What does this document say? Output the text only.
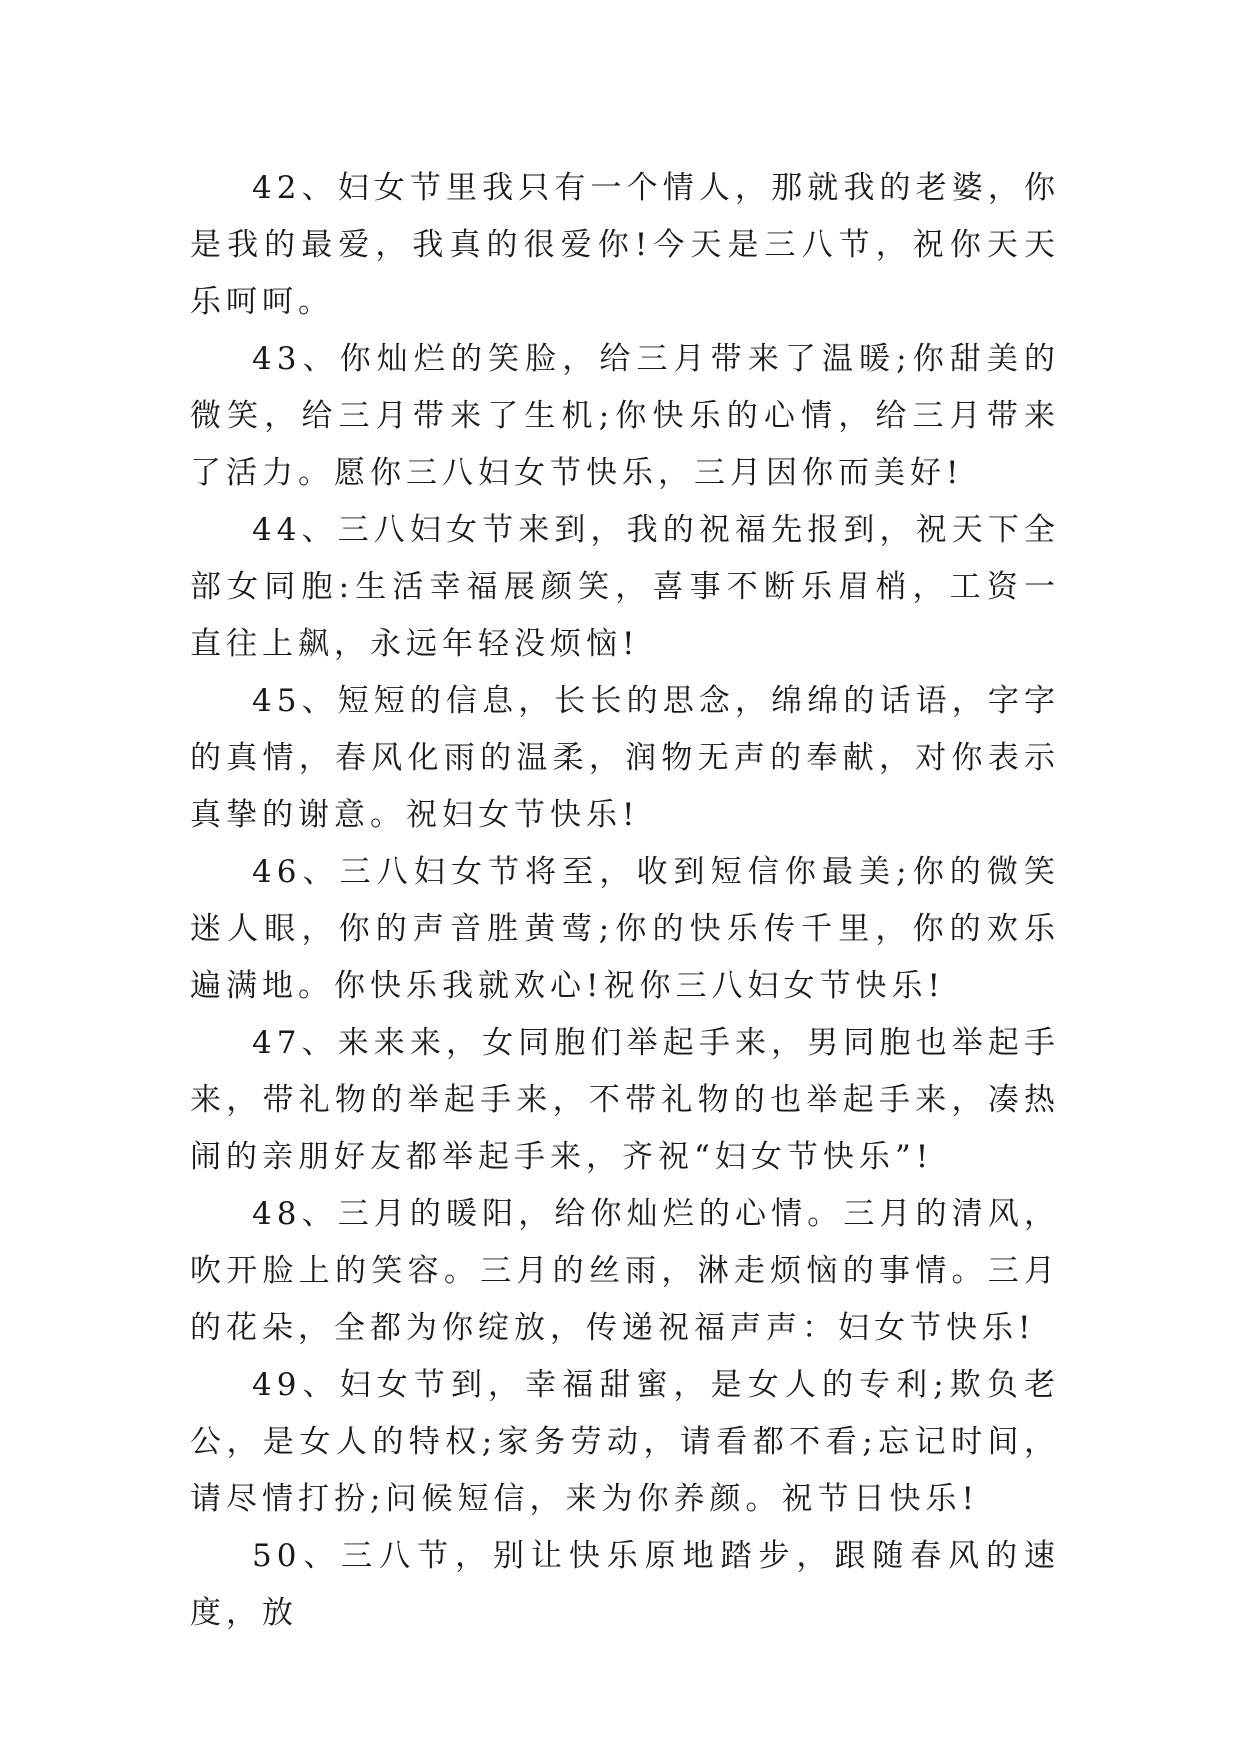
42、妇女节里我只有一个情人，那就我的老婆，你是我的最爱，我真的很爱你!今天是三八节，祝你天天乐呵呵。

43、你灿烂的笑脸，给三月带来了温暖;你甜美的微笑，给三月带来了生机;你快乐的心情，给三月带来了活力。愿你三八妇女节快乐，三月因你而美好!

44、三八妇女节来到，我的祝福先报到，祝天下全部女同胞:生活幸福展颜笑，喜事不断乐眉梢，工资一直往上飙，永远年轻没烦恼!

45、短短的信息，长长的思念，绵绵的话语，字字的真情，春风化雨的温柔，润物无声的奉献，对你表示真挚的谢意。祝妇女节快乐!

46、三八妇女节将至，收到短信你最美;你的微笑迷人眼，你的声音胜黄莺;你的快乐传千里，你的欢乐遍满地。你快乐我就欢心!祝你三八妇女节快乐!

47、来来来，女同胞们举起手来，男同胞也举起手来，带礼物的举起手来，不带礼物的也举起手来，凑热闹的亲朋好友都举起手来，齐祝“妇女节快乐”!

48、三月的暖阳，给你灿烂的心情。三月的清风，吹开脸上的笑容。三月的丝雨，淋走烦恼的事情。三月的花朵，全都为你绽放，传递祝福声声：妇女节快乐!

49、妇女节到，幸福甜蜜，是女人的专利;欺负老公，是女人的特权;家务劳动，请看都不看;忘记时间，请尽情打扮;问候短信，来为你养颜。祝节日快乐!

50、三八节，别让快乐原地踏步，跟随春风的速度，放
